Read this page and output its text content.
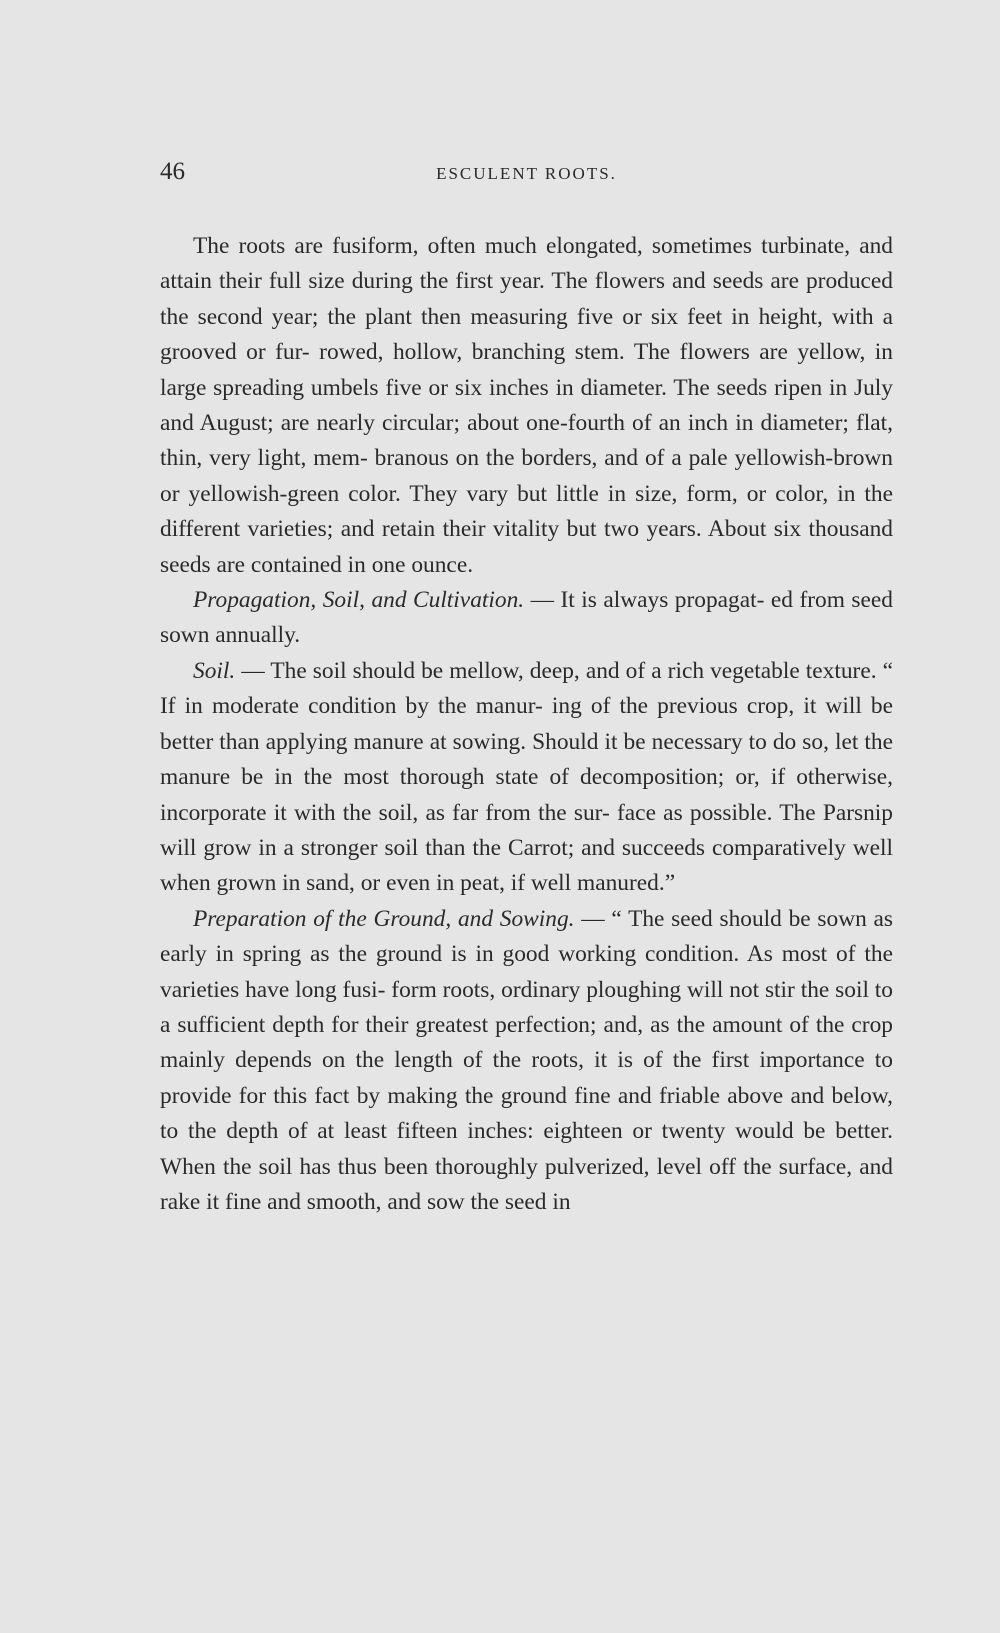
46	ESCULENT ROOTS.

The roots are fusiform, often much elongated, sometimes turbinate, and attain their full size during the first year. The flowers and seeds are produced the second year; the plant then measuring five or six feet in height, with a grooved or fur- rowed, hollow, branching stem. The flowers are yellow, in large spreading umbels five or six inches in diameter. The seeds ripen in July and August; are nearly circular; about one-fourth of an inch in diameter; flat, thin, very light, mem- branous on the borders, and of a pale yellowish-brown or yellowish-green color. They vary but little in size, form, or color, in the different varieties; and retain their vitality but two years. About six thousand seeds are contained in one ounce.

Propagation, Soil, and Cultivation. — It is always propagat- ed from seed sown annually.

Soil. — The soil should be mellow, deep, and of a rich vegetable texture. “ If in moderate condition by the manur- ing of the previous crop, it will be better than applying manure at sowing. Should it be necessary to do so, let the manure be in the most thorough state of decomposition; or, if otherwise, incorporate it with the soil, as far from the sur- face as possible. The Parsnip will grow in a stronger soil than the Carrot; and succeeds comparatively well when grown in sand, or even in peat, if well manured.”

Preparation of the Ground, and Sowing. — “ The seed should be sown as early in spring as the ground is in good working condition. As most of the varieties have long fusi- form roots, ordinary ploughing will not stir the soil to a sufficient depth for their greatest perfection; and, as the amount of the crop mainly depends on the length of the roots, it is of the first importance to provide for this fact by making the ground fine and friable above and below, to the depth of at least fifteen inches: eighteen or twenty would be better. When the soil has thus been thoroughly pulverized, level off the surface, and rake it fine and smooth, and sow the seed in
